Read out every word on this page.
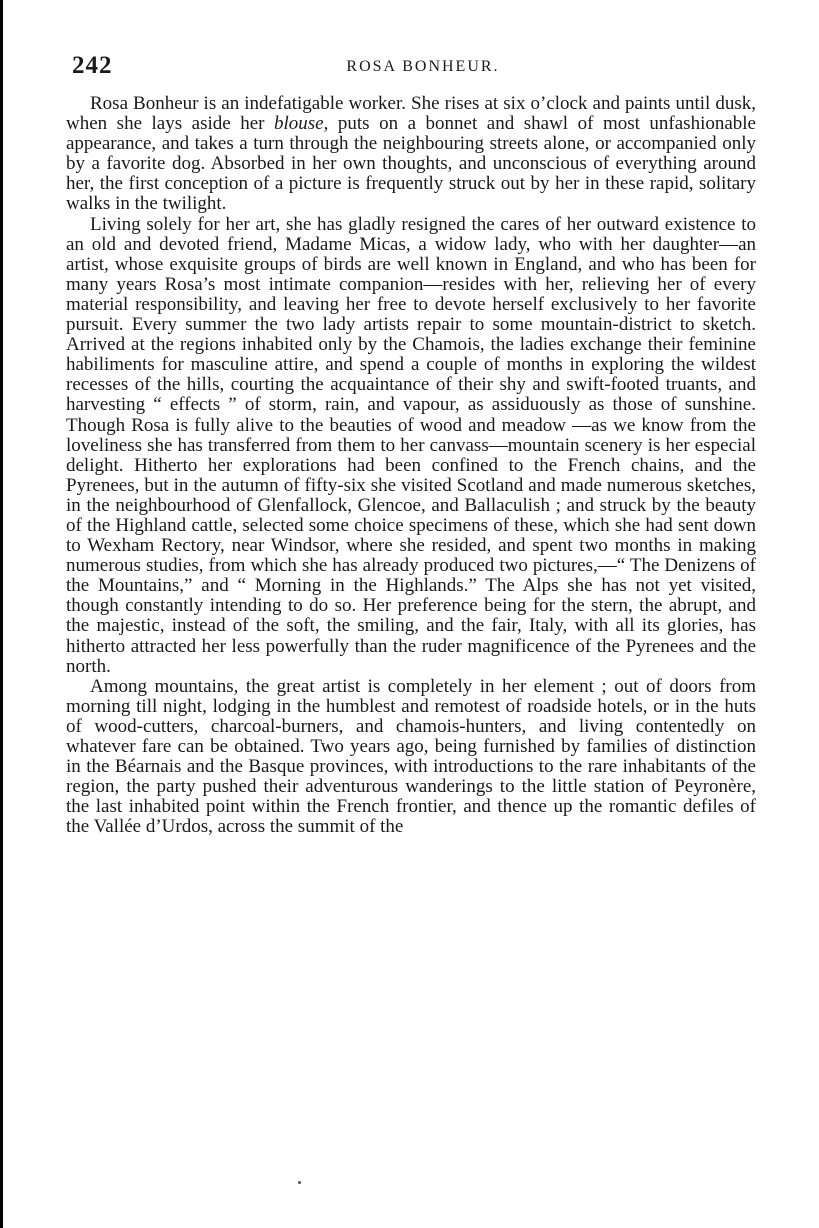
242	ROSA BONHEUR.

Rosa Bonheur is an indefatigable worker. She rises at six o’clock and paints until dusk, when she lays aside her blouse, puts on a bonnet and shawl of most unfashionable appearance, and takes a turn through the neighbouring streets alone, or accompanied only by a favorite dog. Absorbed in her own thoughts, and unconscious of everything around her, the first conception of a picture is frequently struck out by her in these rapid, solitary walks in the twilight.

Living solely for her art, she has gladly resigned the cares of her outward existence to an old and devoted friend, Madame Micas, a widow lady, who with her daughter—an artist, whose exquisite groups of birds are well known in England, and who has been for many years Rosa’s most intimate companion—resides with her, relieving her of every material responsibility, and leaving her free to devote herself exclusively to her favorite pursuit. Every summer the two lady artists repair to some mountain-district to sketch. Arrived at the regions inhabited only by the Chamois, the ladies exchange their feminine habiliments for masculine attire, and spend a couple of months in exploring the wildest recesses of the hills, courting the acquaintance of their shy and swift-footed truants, and harvesting “ effects ” of storm, rain, and vapour, as assiduously as those of sunshine. Though Rosa is fully alive to the beauties of wood and meadow —as we know from the loveliness she has transferred from them to her canvass—mountain scenery is her especial delight. Hitherto her explorations had been confined to the French chains, and the Pyrenees, but in the autumn of fifty-six she visited Scotland and made numerous sketches, in the neighbourhood of Glenfallock, Glencoe, and Ballaculish ; and struck by the beauty of the Highland cattle, selected some choice specimens of these, which she had sent down to Wexham Rectory, near Windsor, where she resided, and spent two months in making numerous studies, from which she has already produced two pictures,—“ The Denizens of the Mountains,” and “ Morning in the Highlands.” The Alps she has not yet visited, though constantly intending to do so. Her preference being for the stern, the abrupt, and the majestic, instead of the soft, the smiling, and the fair, Italy, with all its glories, has hitherto attracted her less powerfully than the ruder magnificence of the Pyrenees and the north.

Among mountains, the great artist is completely in her element ; out of doors from morning till night, lodging in the humblest and remotest of roadside hotels, or in the huts of wood-cutters, charcoal-burners, and chamois-hunters, and living contentedly on whatever fare can be obtained. Two years ago, being furnished by families of distinction in the Béarnais and the Basque provinces, with introductions to the rare inhabitants of the region, the party pushed their adventurous wanderings to the little station of Peyronère, the last inhabited point within the French frontier, and thence up the romantic defiles of the Vallée d’Urdos, across the summit of the
